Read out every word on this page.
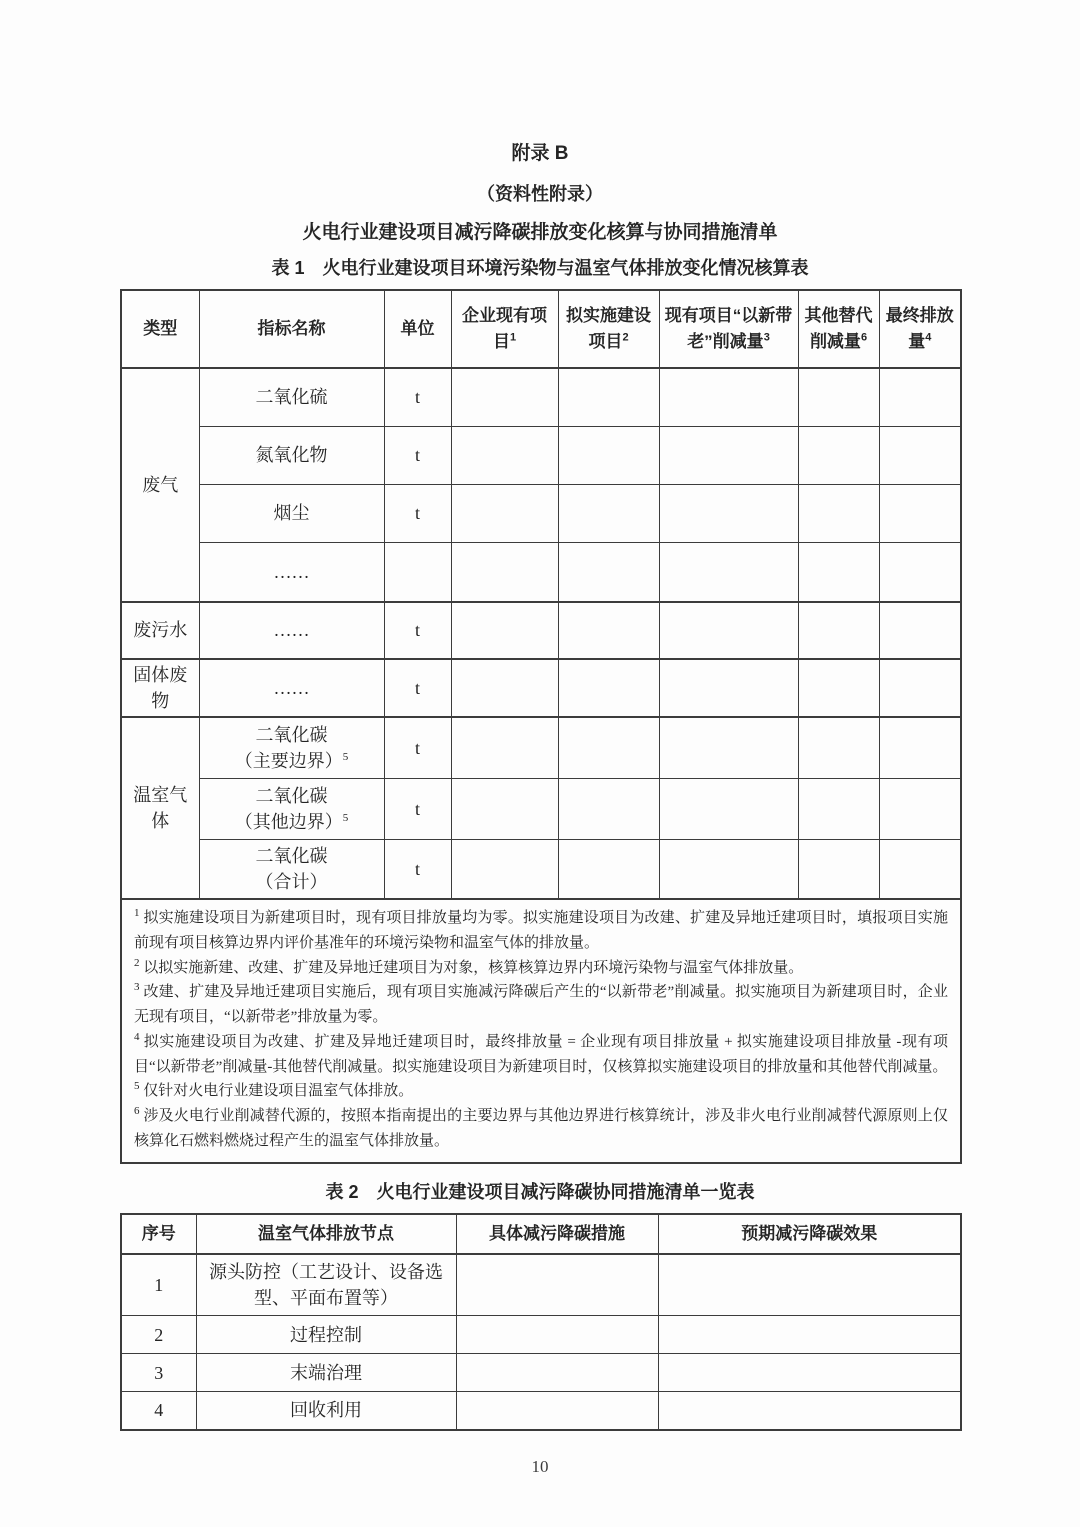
附录 B
（资料性附录）
火电行业建设项目减污降碳排放变化核算与协同措施清单
表 1　火电行业建设项目环境污染物与温室气体排放变化情况核算表
类型	指标名称	单位	企业现有项目$^1$	拟实施建设项目$^2$	现有项目“以新带老”削减量$^3$	其他替代削减量$^6$	最终排放量$^4$
废气	二氧化硫	t					
	氮氧化物	t					
	烟尘	t					
	……						
废污水	……	t					
固体废物	……	t					
温室气体	二氧化碳
（主要边界）$^5$	t					

	二氧化碳
（其他边界）$^5$	t					

	二氧化碳
（合计）	t					

$^1$ 拟实施建设项目为新建项目时，现有项目排放量均为零。拟实施建设项目为改建、扩建及异地迁建项目时，填报项目实施前现有项目核算边界内评价基准年的环境污染物和温室气体的排放量。
$^2$ 以拟实施新建、改建、扩建及异地迁建项目为对象，核算核算边界内环境污染物与温室气体排放量。
$^3$ 改建、扩建及异地迁建项目实施后，现有项目实施减污降碳后产生的“以新带老”削减量。拟实施项目为新建项目时，企业无现有项目，“以新带老”排放量为零。
$^4$ 拟实施建设项目为改建、扩建及异地迁建项目时，最终排放量 = 企业现有项目排放量 + 拟实施建设项目排放量 -现有项目“以新带老”削减量-其他替代削减量。拟实施建设项目为新建项目时，仅核算拟实施建设项目的排放量和其他替代削减量。
$^5$ 仅针对火电行业建设项目温室气体排放。
$^6$ 涉及火电行业削减替代源的，按照本指南提出的主要边界与其他边界进行核算统计，涉及非火电行业削减替代源原则上仅核算化石燃料燃烧过程产生的温室气体排放量。
表 2　火电行业建设项目减污降碳协同措施清单一览表
序号	温室气体排放节点	具体减污降碳措施	预期减污降碳效果
1	源头防控（工艺设计、设备选型、平面布置等）		
2	过程控制		
3	末端治理		
4	回收利用		
10
